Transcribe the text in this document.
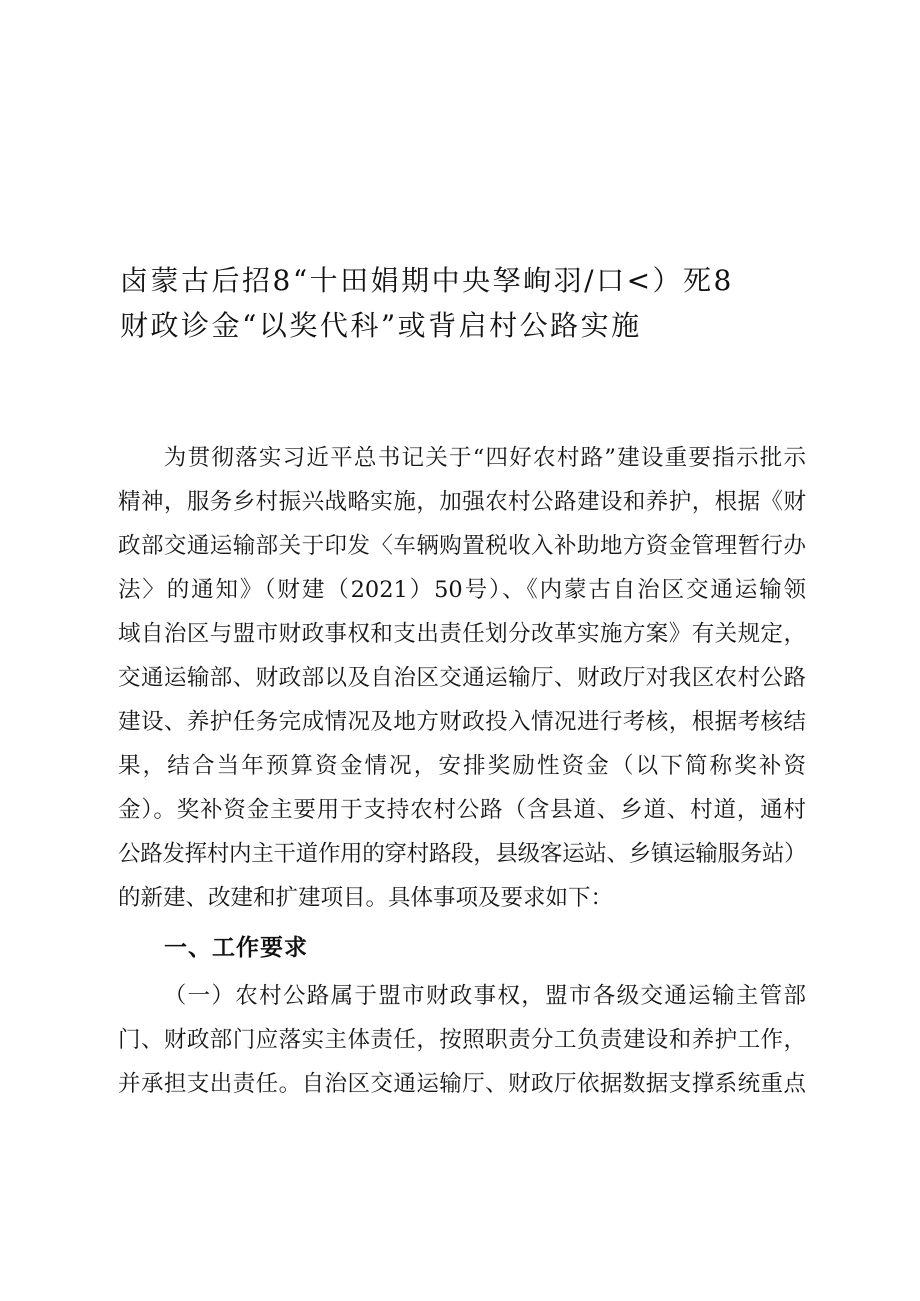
卤蒙古后招8“十田娟期中央孥峋羽/口<）死8
财政诊金“以奖代科”或背启村公路实施
为贯彻落实习近平总书记关于“四好农村路”建设重要指示批示
精神，服务乡村振兴战略实施，加强农村公路建设和养护，根据《财
政部交通运输部关于印发〈车辆购置税收入补助地方资金管理暂行办
法〉的通知》（财建（2021）50号）、《内蒙古自治区交通运输领
域自治区与盟市财政事权和支出责任划分改革实施方案》有关规定，
交通运输部、财政部以及自治区交通运输厅、财政厅对我区农村公路
建设、养护任务完成情况及地方财政投入情况进行考核，根据考核结
果，结合当年预算资金情况，安排奖励性资金（以下简称奖补资
金）。奖补资金主要用于支持农村公路（含县道、乡道、村道，通村
公路发挥村内主干道作用的穿村路段，县级客运站、乡镇运输服务站）
的新建、改建和扩建项目。具体事项及要求如下：
一、工作要求
（一）农村公路属于盟市财政事权，盟市各级交通运输主管部
门、财政部门应落实主体责任，按照职责分工负责建设和养护工作，
并承担支出责任。自治区交通运输厅、财政厅依据数据支撑系统重点
